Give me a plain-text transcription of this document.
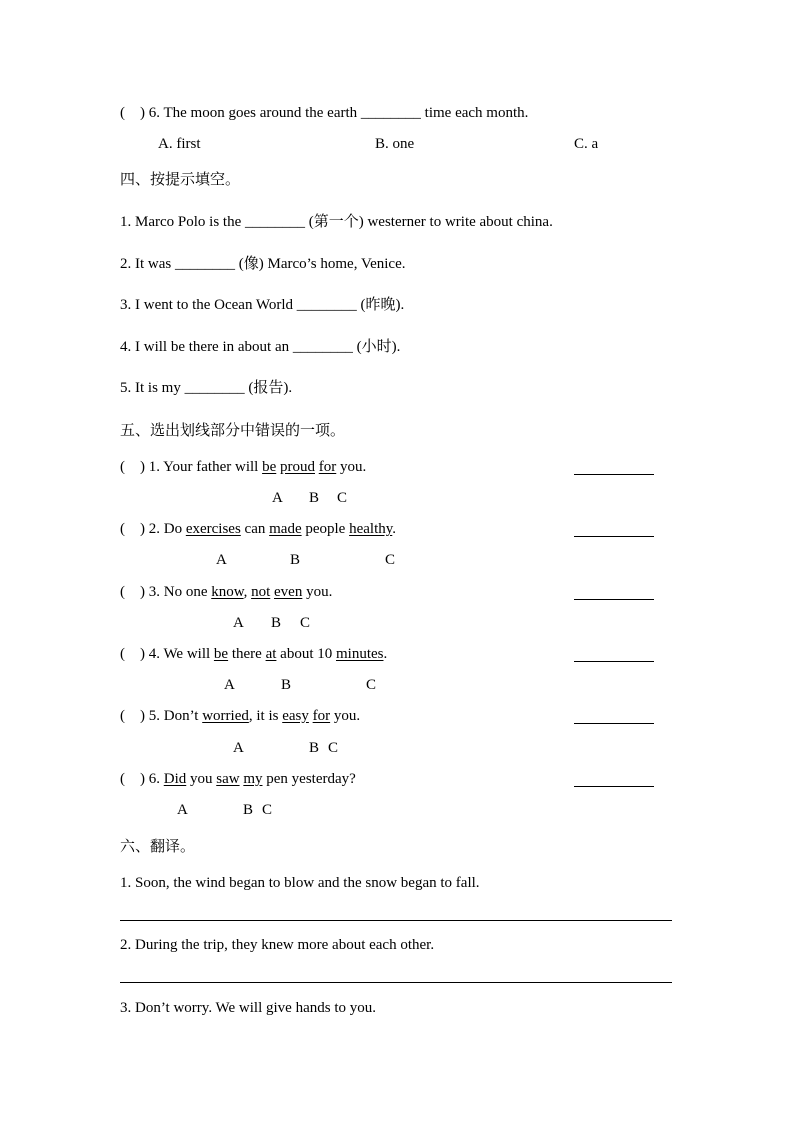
(    ) 6. The moon goes around the earth ________ time each month.
A. first	B. one	C. a
四、按提示填空。
1. Marco Polo is the ________ (第一个) westerner to write about china.
2. It was ________ (像) Marco’s home, Venice.
3. I went to the Ocean World ________ (昨晚).
4. I will be there in about an ________ (小时).
5. It is my ________ (报告).
五、选出划线部分中错误的一项。
(    ) 1. Your father will be proud for you.
A B C
(    ) 2. Do exercises can made people healthy.
A	B	C
(    ) 3. No one know, not even you.
A B C
(    ) 4. We will be there at about 10 minutes.
A	B	C
(    ) 5. Don’t worried, it is easy for you.
A	B C
(    ) 6. Did you saw my pen yesterday?
A	B C
六、翻译。
1. Soon, the wind began to blow and the snow began to fall.
2. During the trip, they knew more about each other.
3. Don’t worry. We will give hands to you.
